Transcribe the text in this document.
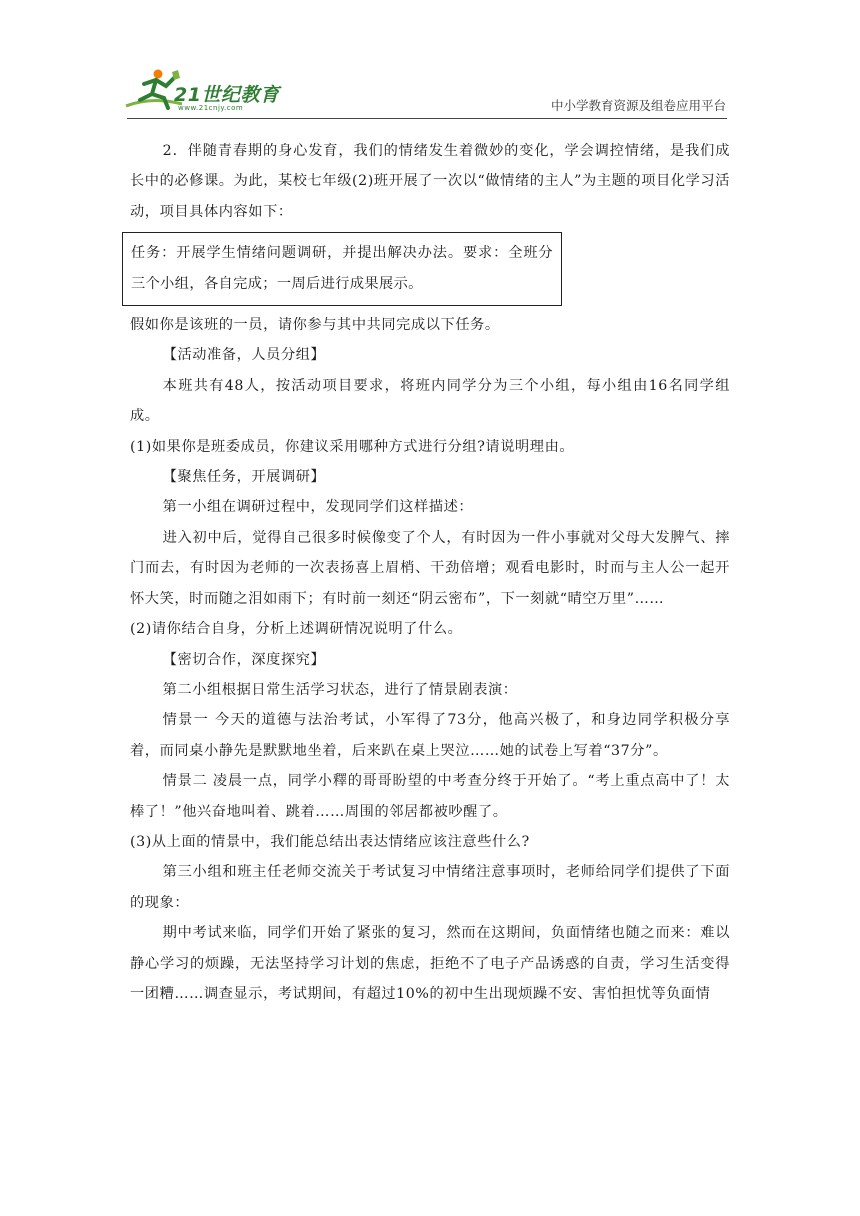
21世纪教育
www.21cnjy.com	中小学教育资源及组卷应用平台

2．伴随青春期的身心发育，我们的情绪发生着微妙的变化，学会调控情绪，是我们成长中的必修课。为此，某校七年级(2)班开展了一次以“做情绪的主人”为主题的项目化学习活动，项目具体内容如下：

任务：开展学生情绪问题调研，并提出解决办法。要求：全班分三个小组，各自完成；一周后进行成果展示。

假如你是该班的一员，请你参与其中共同完成以下任务。

【活动准备，人员分组】

本班共有48人，按活动项目要求，将班内同学分为三个小组，每小组由16名同学组成。

(1)如果你是班委成员，你建议采用哪种方式进行分组?请说明理由。

【聚焦任务，开展调研】

第一小组在调研过程中，发现同学们这样描述：

进入初中后，觉得自己很多时候像变了个人，有时因为一件小事就对父母大发脾气、摔门而去，有时因为老师的一次表扬喜上眉梢、干劲倍增；观看电影时，时而与主人公一起开怀大笑，时而随之泪如雨下；有时前一刻还“阴云密布”，下一刻就“晴空万里”……

(2)请你结合自身，分析上述调研情况说明了什么。

【密切合作，深度探究】

第二小组根据日常生活学习状态，进行了情景剧表演：

情景一 今天的道德与法治考试，小军得了73分，他高兴极了，和身边同学积极分享着，而同桌小静先是默默地坐着，后来趴在桌上哭泣……她的试卷上写着“37分”。

情景二 凌晨一点，同学小釋的哥哥盼望的中考查分终于开始了。“考上重点高中了！太棒了！”他兴奋地叫着、跳着……周围的邻居都被吵醒了。

(3)从上面的情景中，我们能总结出表达情绪应该注意些什么?

第三小组和班主任老师交流关于考试复习中情绪注意事项时，老师给同学们提供了下面的现象：

期中考试来临，同学们开始了紧张的复习，然而在这期间，负面情绪也随之而来：难以静心学习的烦躁，无法坚持学习计划的焦虑，拒绝不了电子产品诱惑的自责，学习生活变得一团糟……调查显示，考试期间，有超过10%的初中生出现烦躁不安、害怕担忧等负面情
